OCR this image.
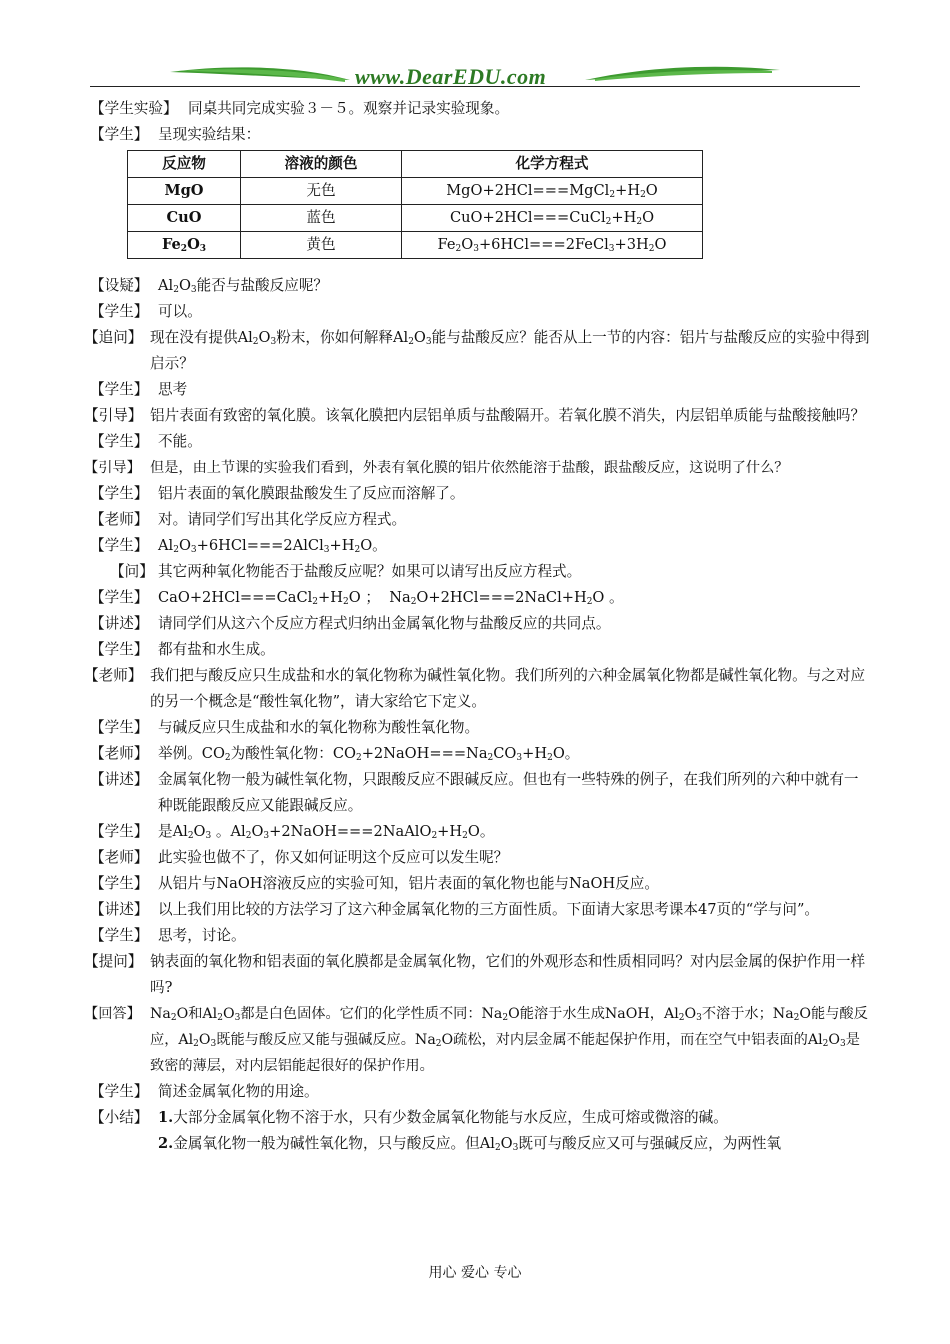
www.DearEDU.com
【学生实验】 同桌共同完成实验３－５。观察并记录实验现象。
【学生】 呈现实验结果：
反应物	溶液的颜色	化学方程式
MgO	无色	$MgO+2HCl===MgCl_2+H_2O$
CuO	蓝色	$CuO+2HCl===CuCl_2+H_2O$
$Fe_2O_3$	黄色	$Fe_2O_3+6HCl===2FeCl_3+3H_2O$
【设疑】 $Al_2O_3$能否与盐酸反应呢？
【学生】 可以。
【追问】 现在没有提供$Al_2O_3$粉末，你如何解释$Al_2O_3$能与盐酸反应？能否从上一节的内容：铝片与盐酸反应的实验中得到启示？
【学生】 思考
【引导】 铝片表面有致密的氧化膜。该氧化膜把内层铝单质与盐酸隔开。若氧化膜不消失，内层铝单质能与盐酸接触吗？
【学生】 不能。
【引导】 但是，由上节课的实验我们看到，外表有氧化膜的铝片依然能溶于盐酸，跟盐酸反应，这说明了什么？
【学生】 铝片表面的氧化膜跟盐酸发生了反应而溶解了。
【老师】 对。请同学们写出其化学反应方程式。
【学生】 $Al_2O_3+6HCl===2AlCl_3+H_2O$。
【问】 其它两种氧化物能否于盐酸反应呢？如果可以请写出反应方程式。
【学生】 $CaO+2HCl===CaCl_2+H_2O$ ；  $Na_2O+2HCl===2NaCl+H_2O$ 。
【讲述】 请同学们从这六个反应方程式归纳出金属氧化物与盐酸反应的共同点。
【学生】 都有盐和水生成。
【老师】 我们把与酸反应只生成盐和水的氧化物称为碱性氧化物。我们所列的六种金属氧化物都是碱性氧化物。与之对应的另一个概念是“酸性氧化物”，请大家给它下定义。
【学生】 与碱反应只生成盐和水的氧化物称为酸性氧化物。
【老师】 举例。$CO_2$为酸性氧化物：$CO_2+2NaOH===Na_2CO_3+H_2O$。
【讲述】 金属氧化物一般为碱性氧化物，只跟酸反应不跟碱反应。但也有一些特殊的例子，在我们所列的六种中就有一种既能跟酸反应又能跟碱反应。
【学生】 是$Al_2O_3$ 。$Al_2O_3+2NaOH===2NaAlO_2+H_2O$。
【老师】 此实验也做不了，你又如何证明这个反应可以发生呢？
【学生】 从铝片与NaOH溶液反应的实验可知，铝片表面的氧化物也能与NaOH反应。
【讲述】 以上我们用比较的方法学习了这六种金属氧化物的三方面性质。下面请大家思考课本47页的“学与问”。
【学生】 思考，讨论。
【提问】 钠表面的氧化物和铝表面的氧化膜都是金属氧化物，它们的外观形态和性质相同吗？对内层金属的保护作用一样吗?
【回答】 $Na_2O$和$Al_2O_3$都是白色固体。它们的化学性质不同：$Na_2O$能溶于水生成NaOH，$Al_2O_3$不溶于水；$Na_2O$能与酸反应，$Al_2O_3$既能与酸反应又能与强碱反应。$Na_2O$疏松，对内层金属不能起保护作用，而在空气中铝表面的$Al_2O_3$是致密的薄层，对内层铝能起很好的保护作用。
【学生】 简述金属氧化物的用途。
【小结】 1.大部分金属氧化物不溶于水，只有少数金属氧化物能与水反应，生成可熔或微溶的碱。
2.金属氧化物一般为碱性氧化物，只与酸反应。但$Al_2O_3$既可与酸反应又可与强碱反应，为两性氧
用心 爱心 专心
